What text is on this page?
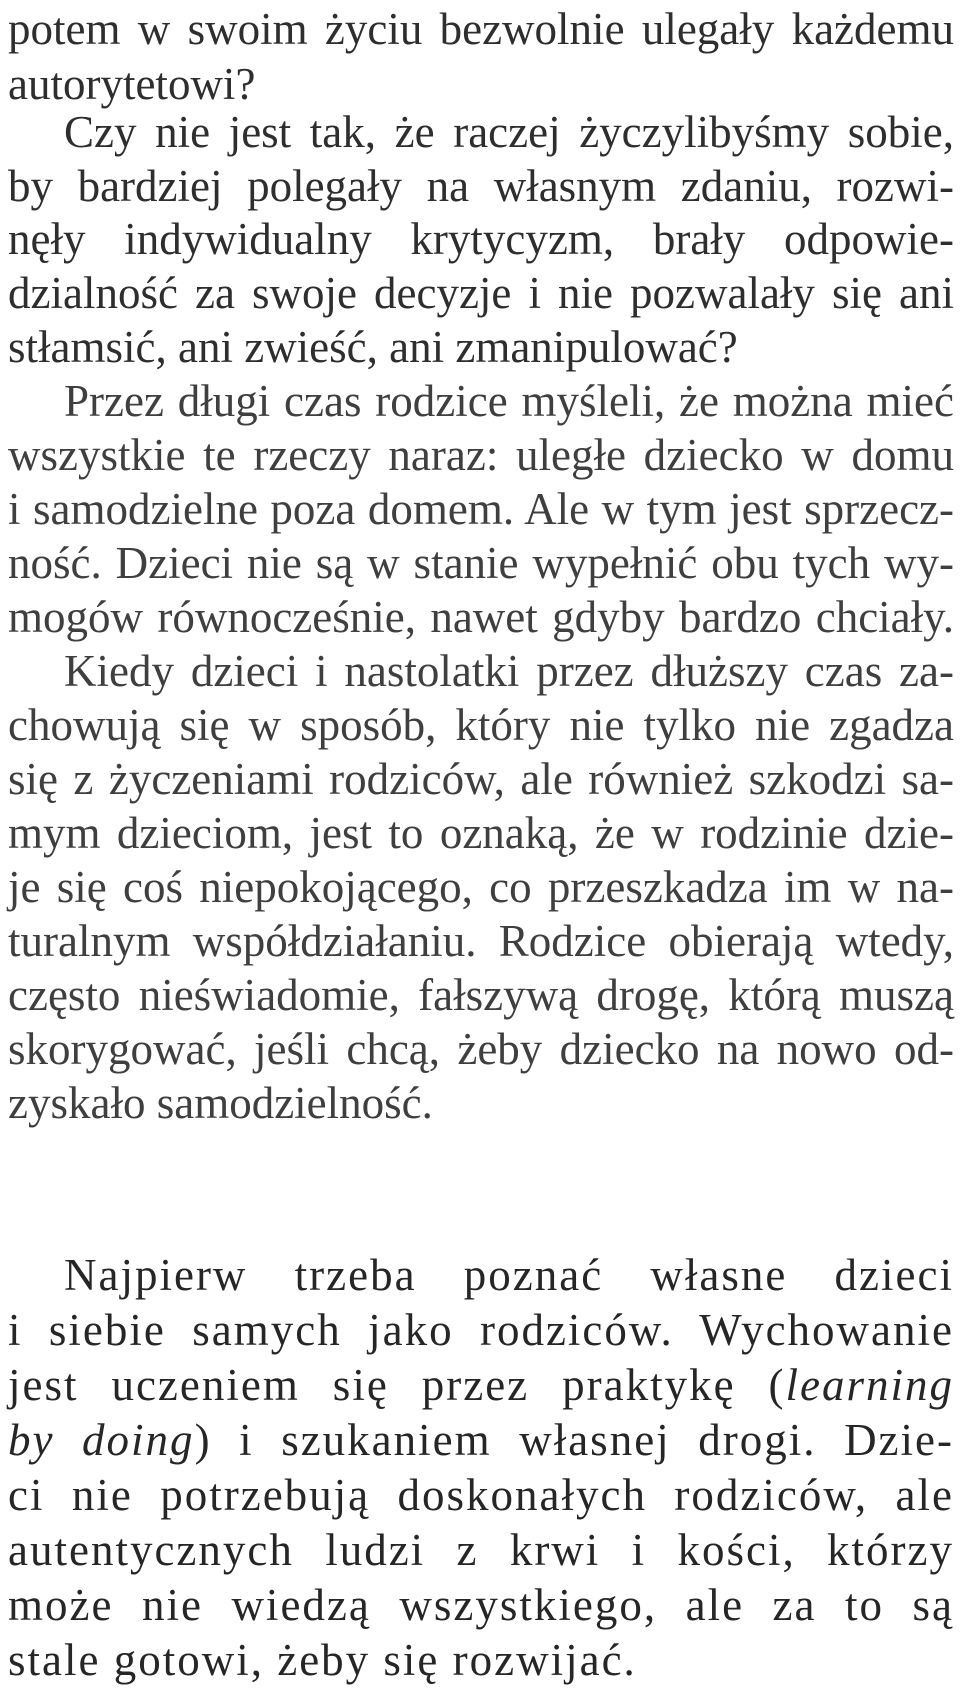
potem w swoim życiu bezwolnie ulegały każdemu
autorytetowi?
Czy nie jest tak, że raczej życzylibyśmy sobie,
by bardziej polegały na własnym zdaniu, rozwi-
nęły indywidualny krytycyzm, brały odpowie-
dzialność za swoje decyzje i nie pozwalały się ani
stłamsić, ani zwieść, ani zmanipulować?
Przez długi czas rodzice myśleli, że można mieć
wszystkie te rzeczy naraz: uległe dziecko w domu
i samodzielne poza domem. Ale w tym jest sprzecz-
ność. Dzieci nie są w stanie wypełnić obu tych wy-
mogów równocześnie, nawet gdyby bardzo chciały.
Kiedy dzieci i nastolatki przez dłuższy czas za-
chowują się w sposób, który nie tylko nie zgadza
się z życzeniami rodziców, ale również szkodzi sa-
mym dzieciom, jest to oznaką, że w rodzinie dzie-
je się coś niepokojącego, co przeszkadza im w na-
turalnym współdziałaniu. Rodzice obierają wtedy,
często nieświadomie, fałszywą drogę, którą muszą
skorygować, jeśli chcą, żeby dziecko na nowo od-
zyskało samodzielność.
Najpierw trzeba poznać własne dzieci
i siebie samych jako rodziców. Wychowanie
jest uczeniem się przez praktykę (learning
by doing) i szukaniem własnej drogi. Dzie-
ci nie potrzebują doskonałych rodziców, ale
autentycznych ludzi z krwi i kości, którzy
może nie wiedzą wszystkiego, ale za to są
stale gotowi, żeby się rozwijać.
